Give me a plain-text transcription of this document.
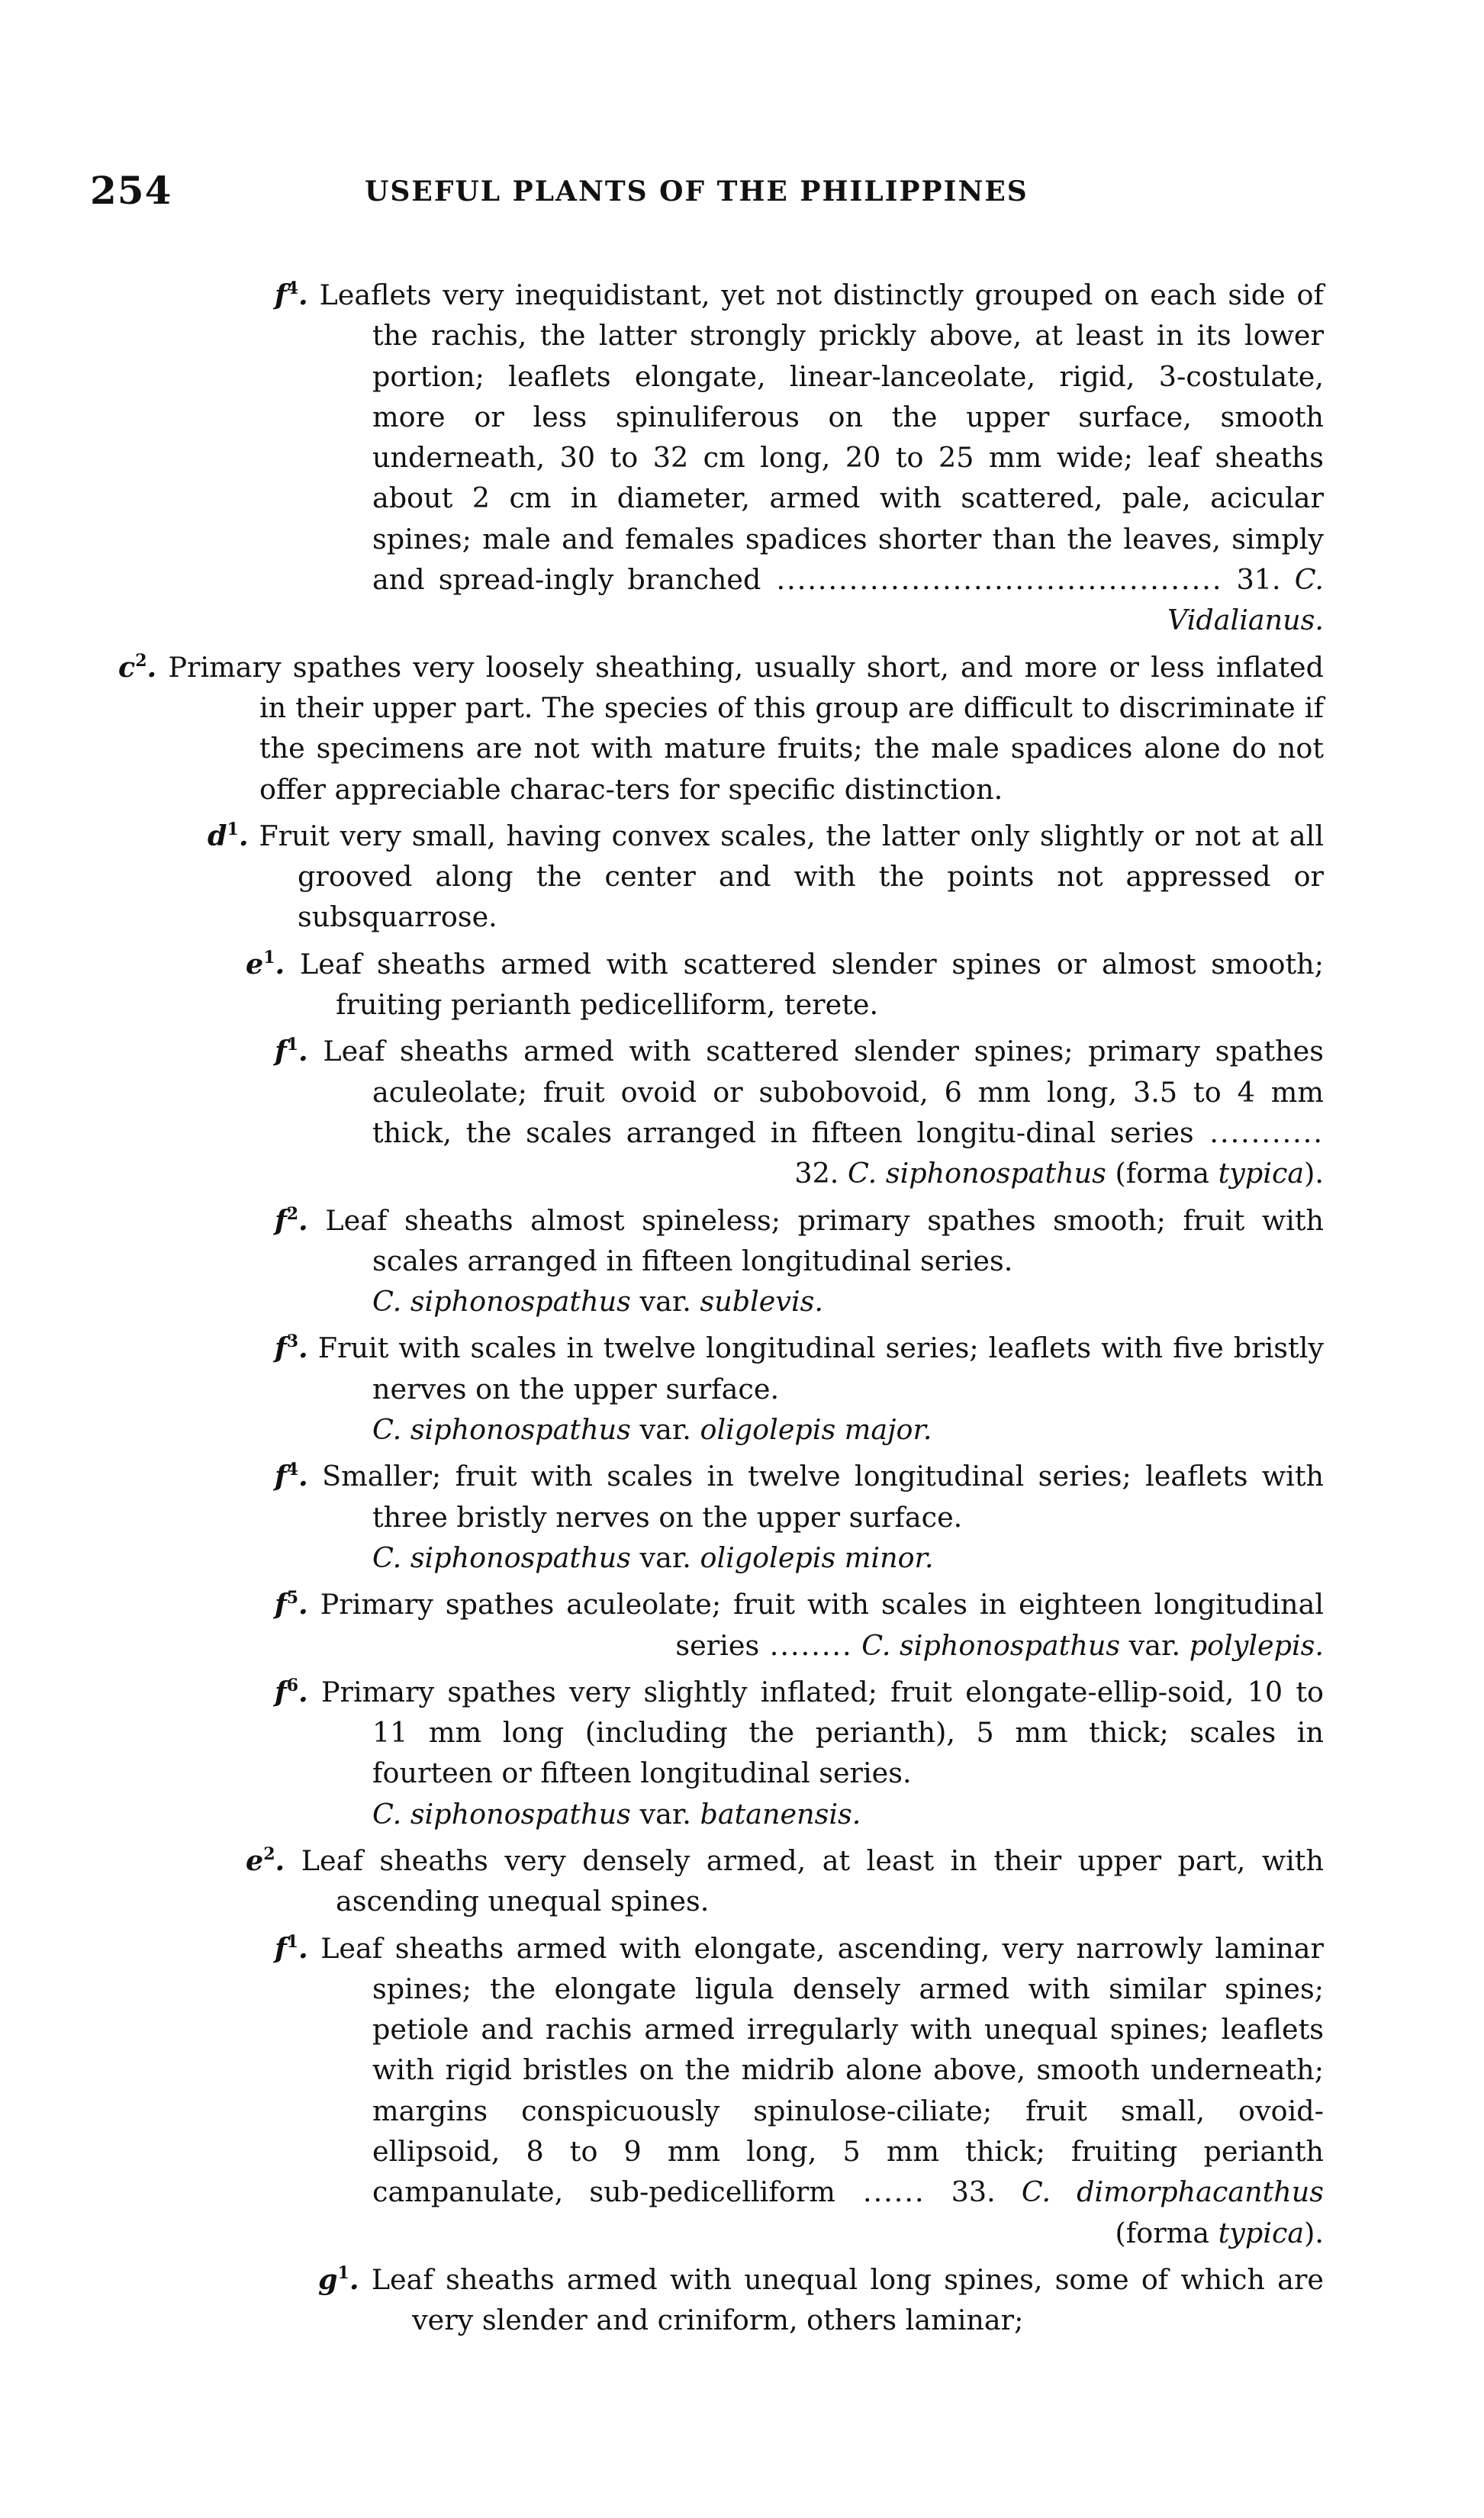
254	USEFUL PLANTS OF THE PHILIPPINES
$f^4$. Leaflets very inequidistant, yet not distinctly grouped on each side of the rachis, the latter strongly prickly above, at least in its lower portion; leaflets elongate, linear-lanceolate, rigid, 3-costulate, more or less spinuliferous on the upper surface, smooth underneath, 30 to 32 cm long, 20 to 25 mm wide; leaf sheaths about 2 cm in diameter, armed with scattered, pale, acicular spines; male and females spadices shorter than the leaves, simply and spread-ingly branched ........................................... 31. C. Vidalianus.
$c^2$. Primary spathes very loosely sheathing, usually short, and more or less inflated in their upper part. The species of this group are difficult to discriminate if the specimens are not with mature fruits; the male spadices alone do not offer appreciable charac-ters for specific distinction.
$d^1$. Fruit very small, having convex scales, the latter only slightly or not at all grooved along the center and with the points not appressed or subsquarrose.
$e^1$. Leaf sheaths armed with scattered slender spines or almost smooth; fruiting perianth pedicelliform, terete.
$f^1$. Leaf sheaths armed with scattered slender spines; primary spathes aculeolate; fruit ovoid or subobovoid, 6 mm long, 3.5 to 4 mm thick, the scales arranged in fifteen longitu-dinal series ........... 32. C. siphonospathus (forma typica).
$f^2$. Leaf sheaths almost spineless; primary spathes smooth; fruit with scales arranged in fifteen longitudinal series.
C. siphonospathus var. sublevis.
$f^3$. Fruit with scales in twelve longitudinal series; leaflets with five bristly nerves on the upper surface.
C. siphonospathus var. oligolepis major.
$f^4$. Smaller; fruit with scales in twelve longitudinal series; leaflets with three bristly nerves on the upper surface.
C. siphonospathus var. oligolepis minor.
$f^5$. Primary spathes aculeolate; fruit with scales in eighteen longitudinal series ........ C. siphonospathus var. polylepis.
$f^6$. Primary spathes very slightly inflated; fruit elongate-ellip-soid, 10 to 11 mm long (including the perianth), 5 mm thick; scales in fourteen or fifteen longitudinal series.
C. siphonospathus var. batanensis.
$e^2$. Leaf sheaths very densely armed, at least in their upper part, with ascending unequal spines.
$f^1$. Leaf sheaths armed with elongate, ascending, very narrowly laminar spines; the elongate ligula densely armed with similar spines; petiole and rachis armed irregularly with unequal spines; leaflets with rigid bristles on the midrib alone above, smooth underneath; margins conspicuously spinulose-ciliate; fruit small, ovoid-ellipsoid, 8 to 9 mm long, 5 mm thick; fruiting perianth campanulate, sub-pedicelliform ...... 33. C. dimorphacanthus (forma typica).
$g^1$. Leaf sheaths armed with unequal long spines, some of which are very slender and criniform, others laminar;
